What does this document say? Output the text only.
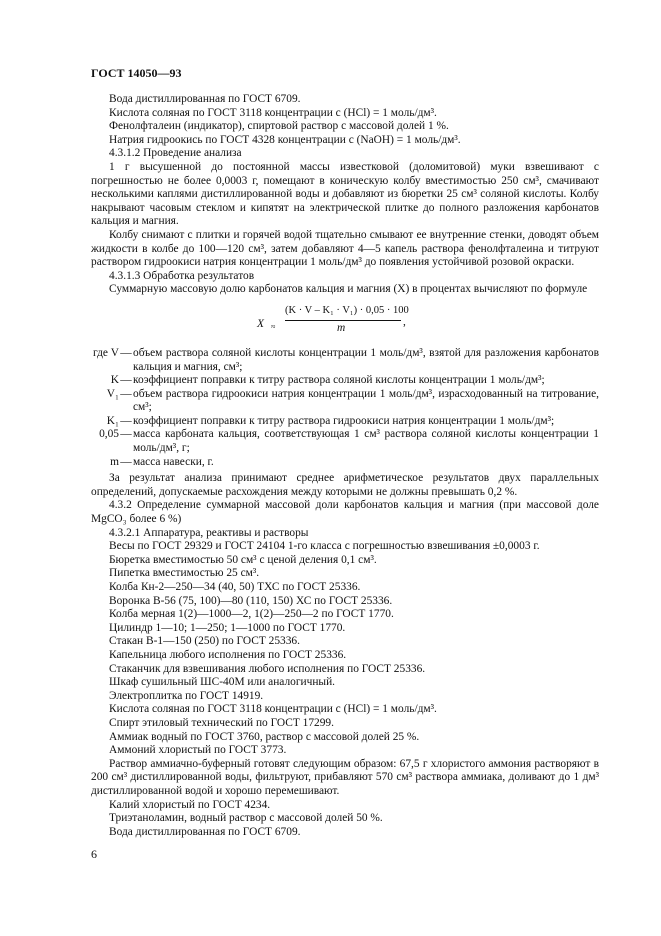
ГОСТ 14050—93

Вода дистиллированная по ГОСТ 6709.

Кислота соляная по ГОСТ 3118 концентрации c (HCl) = 1 моль/дм³.

Фенолфталеин (индикатор), спиртовой раствор с массовой долей 1 %.

Натрия гидроокись по ГОСТ 4328 концентрации c (NaOH) = 1 моль/дм³.

4.3.1.2 Проведение анализа

1 г высушенной до постоянной массы известковой (доломитовой) муки взвешивают с погрешностью не более 0,0003 г, помещают в коническую колбу вместимостью 250 см³, смачивают несколькими каплями дистиллированной воды и добавляют из бюретки 25 см³ соляной кислоты. Колбу накрывают часовым стеклом и кипятят на электрической плитке до полного разложения карбонатов кальция и магния.

Колбу снимают с плитки и горячей водой тщательно смывают ее внутренние стенки, доводят объем жидкости в колбе до 100—120 см³, затем добавляют 4—5 капель раствора фенолфталеина и титруют раствором гидроокиси натрия концентрации 1 моль/дм³ до появления устойчивой розовой окраски.

4.3.1.3 Обработка результатов

Суммарную массовую долю карбонатов кальция и магния (X) в процентах вычисляют по формуле

X ≈
(K · V – K₁ · V₁) · 0,05 · 100
m	,
где V — объем раствора соляной кислоты концентрации 1 моль/дм³, взятой для разложения карбонатов кальция и магния, см³;
K — коэффициент поправки к титру раствора соляной кислоты концентрации 1 моль/дм³;
V₁ — объем раствора гидроокиси натрия концентрации 1 моль/дм³, израсходованный на титрование, см³;
K₁ — коэффициент поправки к титру раствора гидроокиси натрия концентрации 1 моль/дм³;
0,05 — масса карбоната кальция, соответствующая 1 см³ раствора соляной кислоты концентрации 1 моль/дм³, г;
m — масса навески, г.

За результат анализа принимают среднее арифметическое результатов двух параллельных определений, допускаемые расхождения между которыми не должны превышать 0,2 %.

4.3.2 Определение суммарной массовой доли карбонатов кальция и магния (при массовой доле MgCO₃ более 6 %)

4.3.2.1 Аппаратура, реактивы и растворы

Весы по ГОСТ 29329 и ГОСТ 24104 1-го класса с погрешностью взвешивания ±0,0003 г.

Бюретка вместимостью 50 см³ с ценой деления 0,1 см³.

Пипетка вместимостью 25 см³.

Колба Кн-2—250—34 (40, 50) ТХС по ГОСТ 25336.

Воронка В-56 (75, 100)—80 (110, 150) ХС по ГОСТ 25336.

Колба мерная 1(2)—1000—2, 1(2)—250—2 по ГОСТ 1770.

Цилиндр 1—10; 1—250; 1—1000 по ГОСТ 1770.

Стакан В-1—150 (250) по ГОСТ 25336.

Капельница любого исполнения по ГОСТ 25336.

Стаканчик для взвешивания любого исполнения по ГОСТ 25336.

Шкаф сушильный ШС-40М или аналогичный.

Электроплитка по ГОСТ 14919.

Кислота соляная по ГОСТ 3118 концентрации c (HCl) = 1 моль/дм³.

Спирт этиловый технический по ГОСТ 17299.

Аммиак водный по ГОСТ 3760, раствор с массовой долей 25 %.

Аммоний хлористый по ГОСТ 3773.

Раствор аммиачно-буферный готовят следующим образом: 67,5 г хлористого аммония растворяют в 200 см³ дистиллированной воды, фильтруют, прибавляют 570 см³ раствора аммиака, доливают до 1 дм³ дистиллированной водой и хорошо перемешивают.

Калий хлористый по ГОСТ 4234.

Триэтаноламин, водный раствор с массовой долей 50 %.

Вода дистиллированная по ГОСТ 6709.

6
